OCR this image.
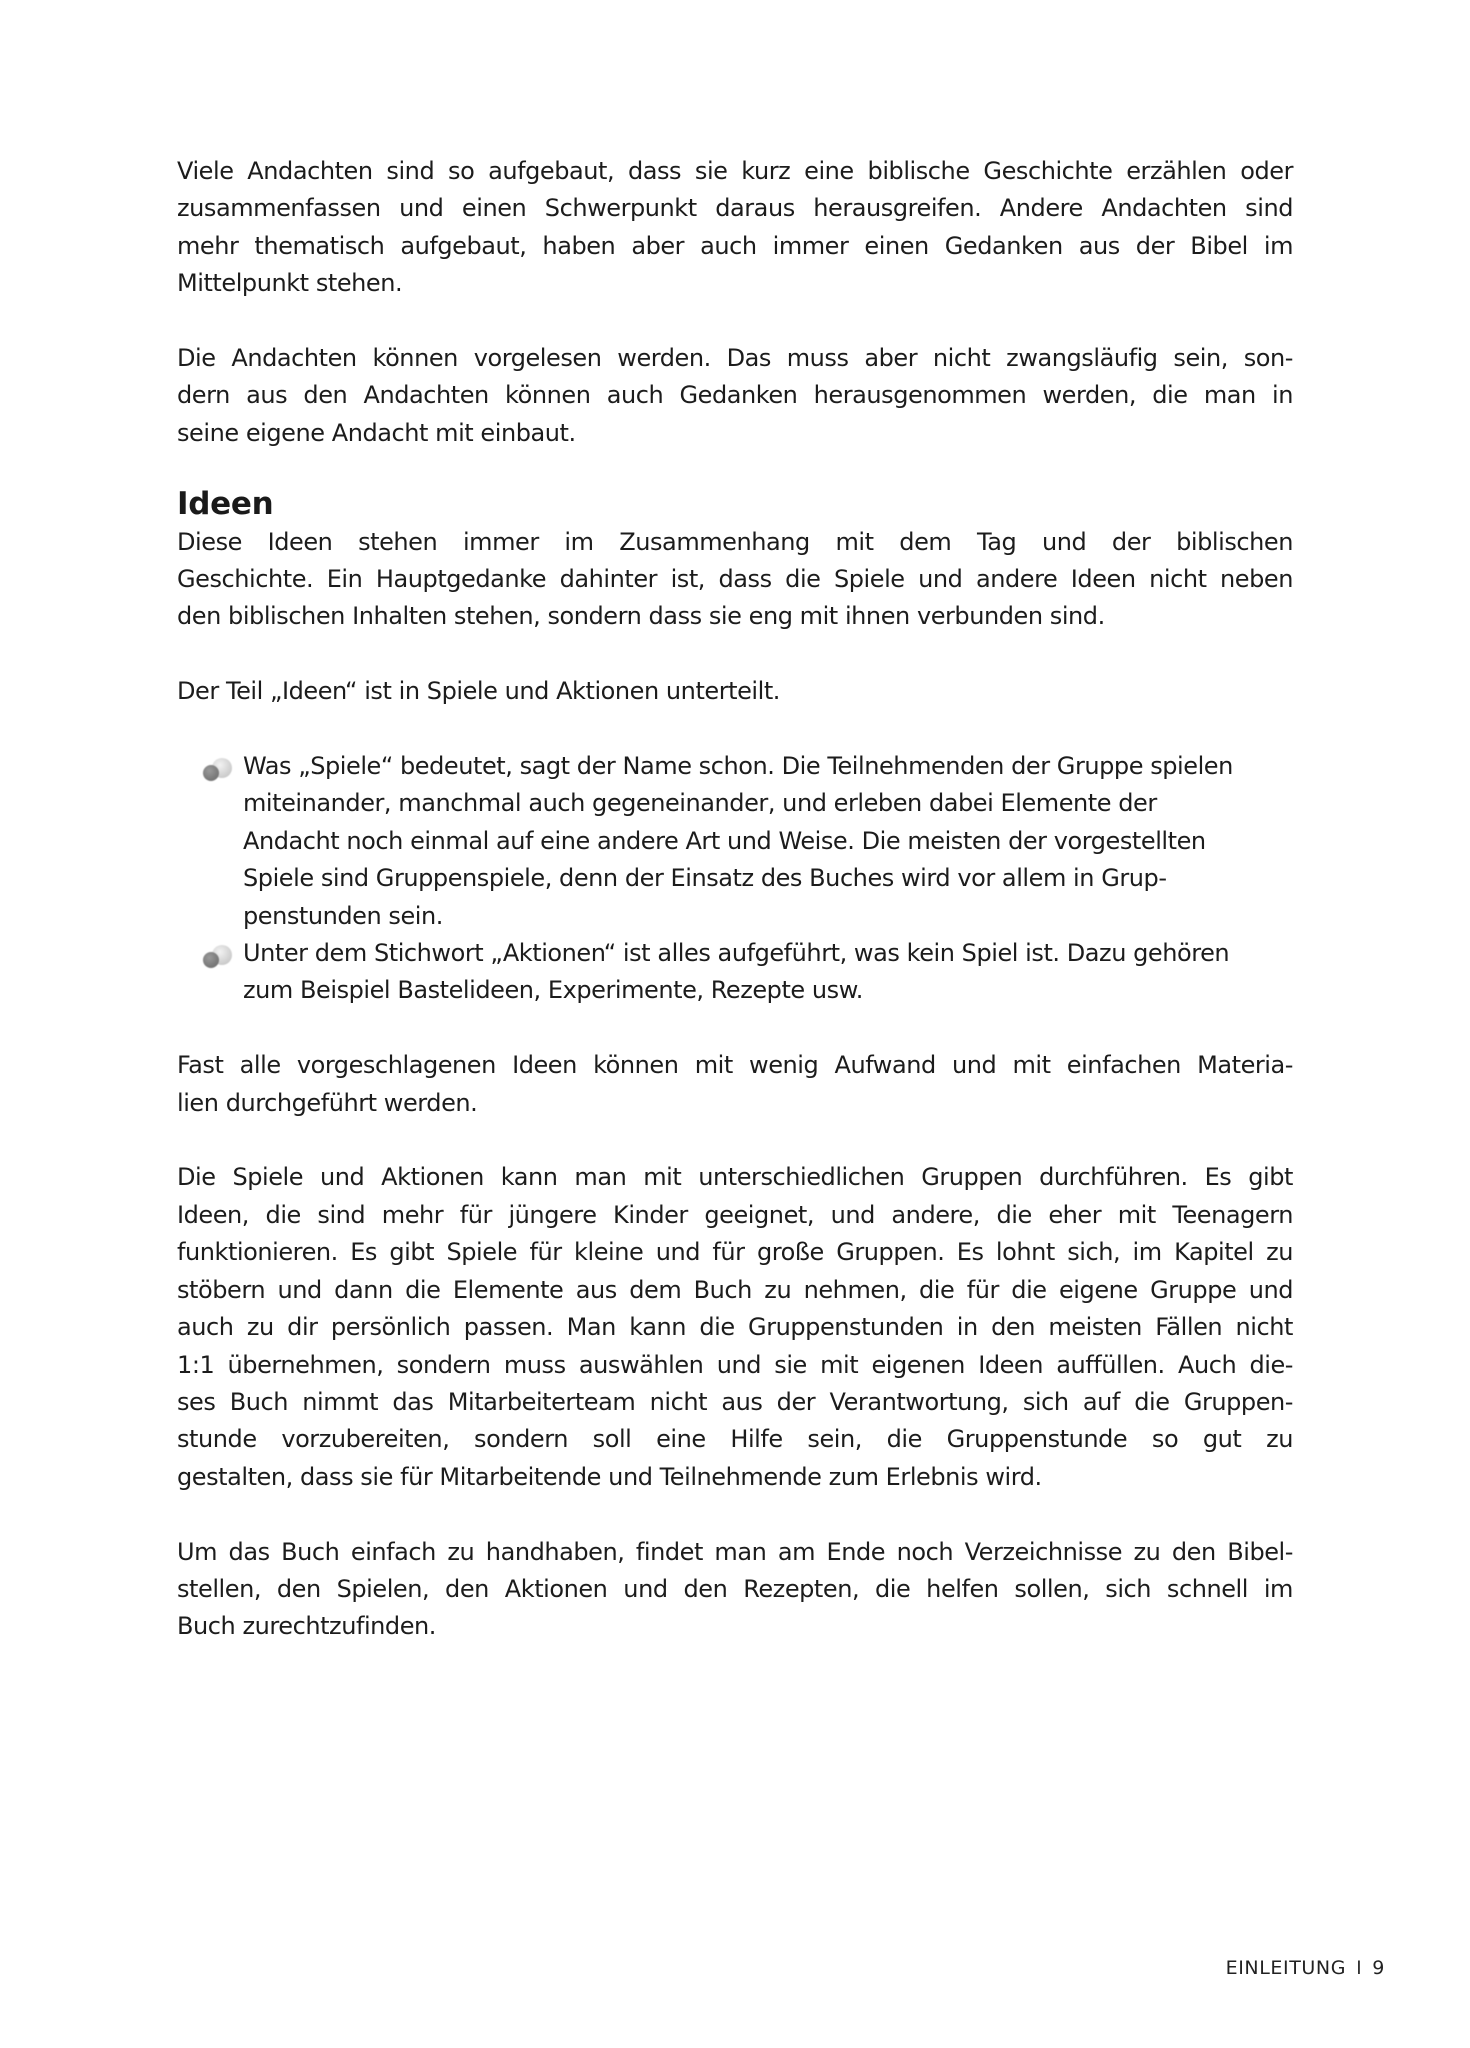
Viele Andachten sind so aufgebaut, dass sie kurz eine biblische Geschichte erzählen oder
zusammenfassen und einen Schwerpunkt daraus herausgreifen. Andere Andachten sind
mehr thematisch aufgebaut, haben aber auch immer einen Gedanken aus der Bibel im
Mittelpunkt stehen.

Die Andachten können vorgelesen werden. Das muss aber nicht zwangsläufig sein, son-
dern aus den Andachten können auch Gedanken herausgenommen werden, die man in
seine eigene Andacht mit einbaut.

Ideen

Diese Ideen stehen immer im Zusammenhang mit dem Tag und der biblischen
Geschichte. Ein Hauptgedanke dahinter ist, dass die Spiele und andere Ideen nicht neben
den biblischen Inhalten stehen, sondern dass sie eng mit ihnen verbunden sind.

Der Teil „Ideen“ ist in Spiele und Aktionen unterteilt.

Was „Spiele“ bedeutet, sagt der Name schon. Die Teilnehmenden der Gruppe spielen
miteinander, manchmal auch gegeneinander, und erleben dabei Elemente der
Andacht noch einmal auf eine andere Art und Weise. Die meisten der vorgestellten
Spiele sind Gruppenspiele, denn der Einsatz des Buches wird vor allem in Grup-
penstunden sein.
Unter dem Stichwort „Aktionen“ ist alles aufgeführt, was kein Spiel ist. Dazu gehören
zum Beispiel Bastelideen, Experimente, Rezepte usw.

Fast alle vorgeschlagenen Ideen können mit wenig Aufwand und mit einfachen Materia-
lien durchgeführt werden.

Die Spiele und Aktionen kann man mit unterschiedlichen Gruppen durchführen. Es gibt
Ideen, die sind mehr für jüngere Kinder geeignet, und andere, die eher mit Teenagern
funktionieren. Es gibt Spiele für kleine und für große Gruppen. Es lohnt sich, im Kapitel zu
stöbern und dann die Elemente aus dem Buch zu nehmen, die für die eigene Gruppe und
auch zu dir persönlich passen. Man kann die Gruppenstunden in den meisten Fällen nicht
1:1 übernehmen, sondern muss auswählen und sie mit eigenen Ideen auffüllen. Auch die-
ses Buch nimmt das Mitarbeiterteam nicht aus der Verantwortung, sich auf die Gruppen-
stunde vorzubereiten, sondern soll eine Hilfe sein, die Gruppenstunde so gut zu
gestalten, dass sie für Mitarbeitende und Teilnehmende zum Erlebnis wird.

Um das Buch einfach zu handhaben, findet man am Ende noch Verzeichnisse zu den Bibel-
stellen, den Spielen, den Aktionen und den Rezepten, die helfen sollen, sich schnell im
Buch zurechtzufinden.

EINLEITUNG I 9
